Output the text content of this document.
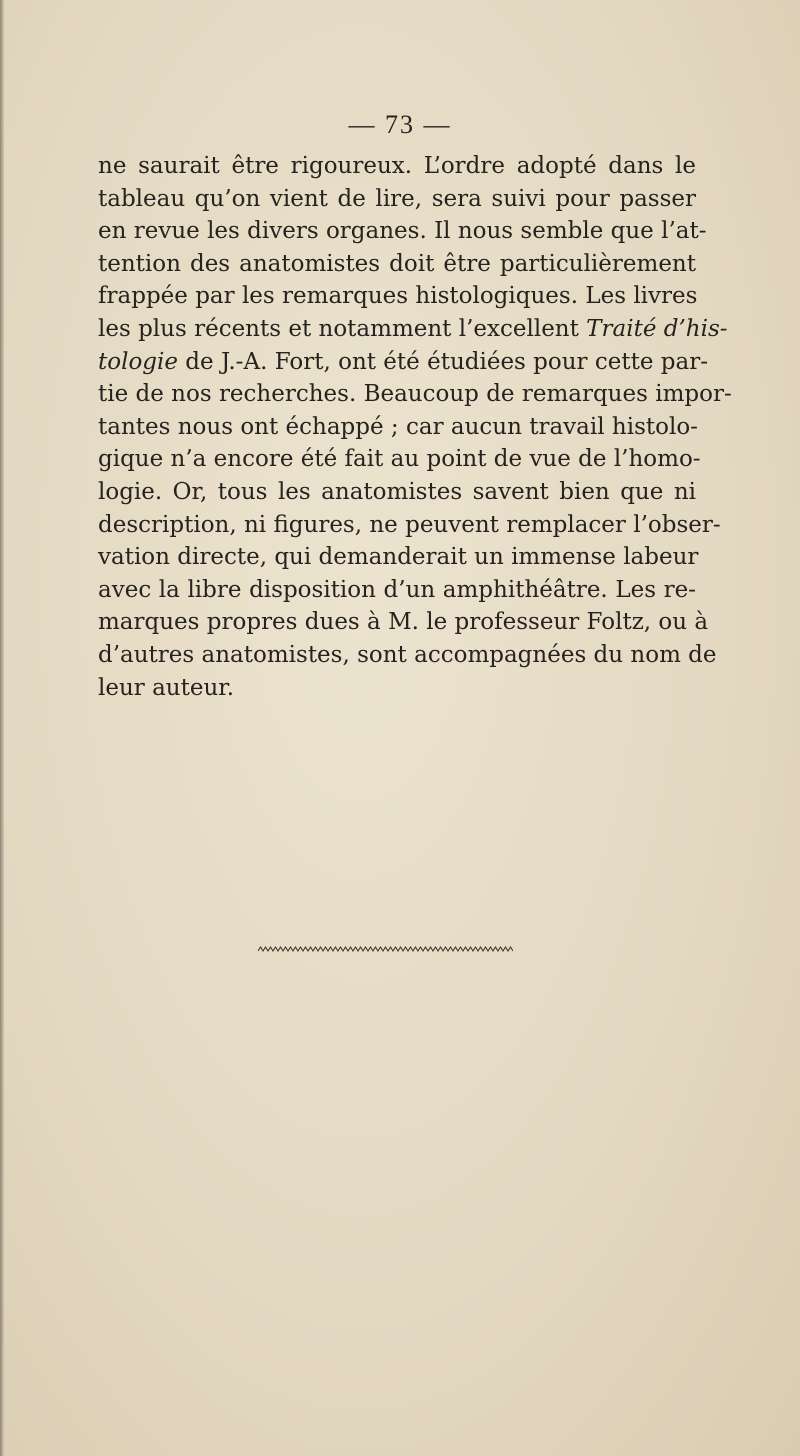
— 73 —
ne saurait être rigoureux. L’ordre adopté dans le
tableau qu’on vient de lire, sera suivi pour passer
en revue les divers organes. Il nous semble que l’at-
tention des anatomistes doit être particulièrement
frappée par les remarques histologiques. Les livres
les plus récents et notamment l’excellent Traité d’his-
tologie de J.-A. Fort, ont été étudiées pour cette par-
tie de nos recherches. Beaucoup de remarques impor-
tantes nous ont échappé ; car aucun travail histolo-
gique n’a encore été fait au point de vue de l’homo-
logie. Or, tous les anatomistes savent bien que ni
description, ni figures, ne peuvent remplacer l’obser-
vation directe, qui demanderait un immense labeur
avec la libre disposition d’un amphithéâtre. Les re-
marques propres dues à M. le professeur Foltz, ou à
d’autres anatomistes, sont accompagnées du nom de
leur auteur.
